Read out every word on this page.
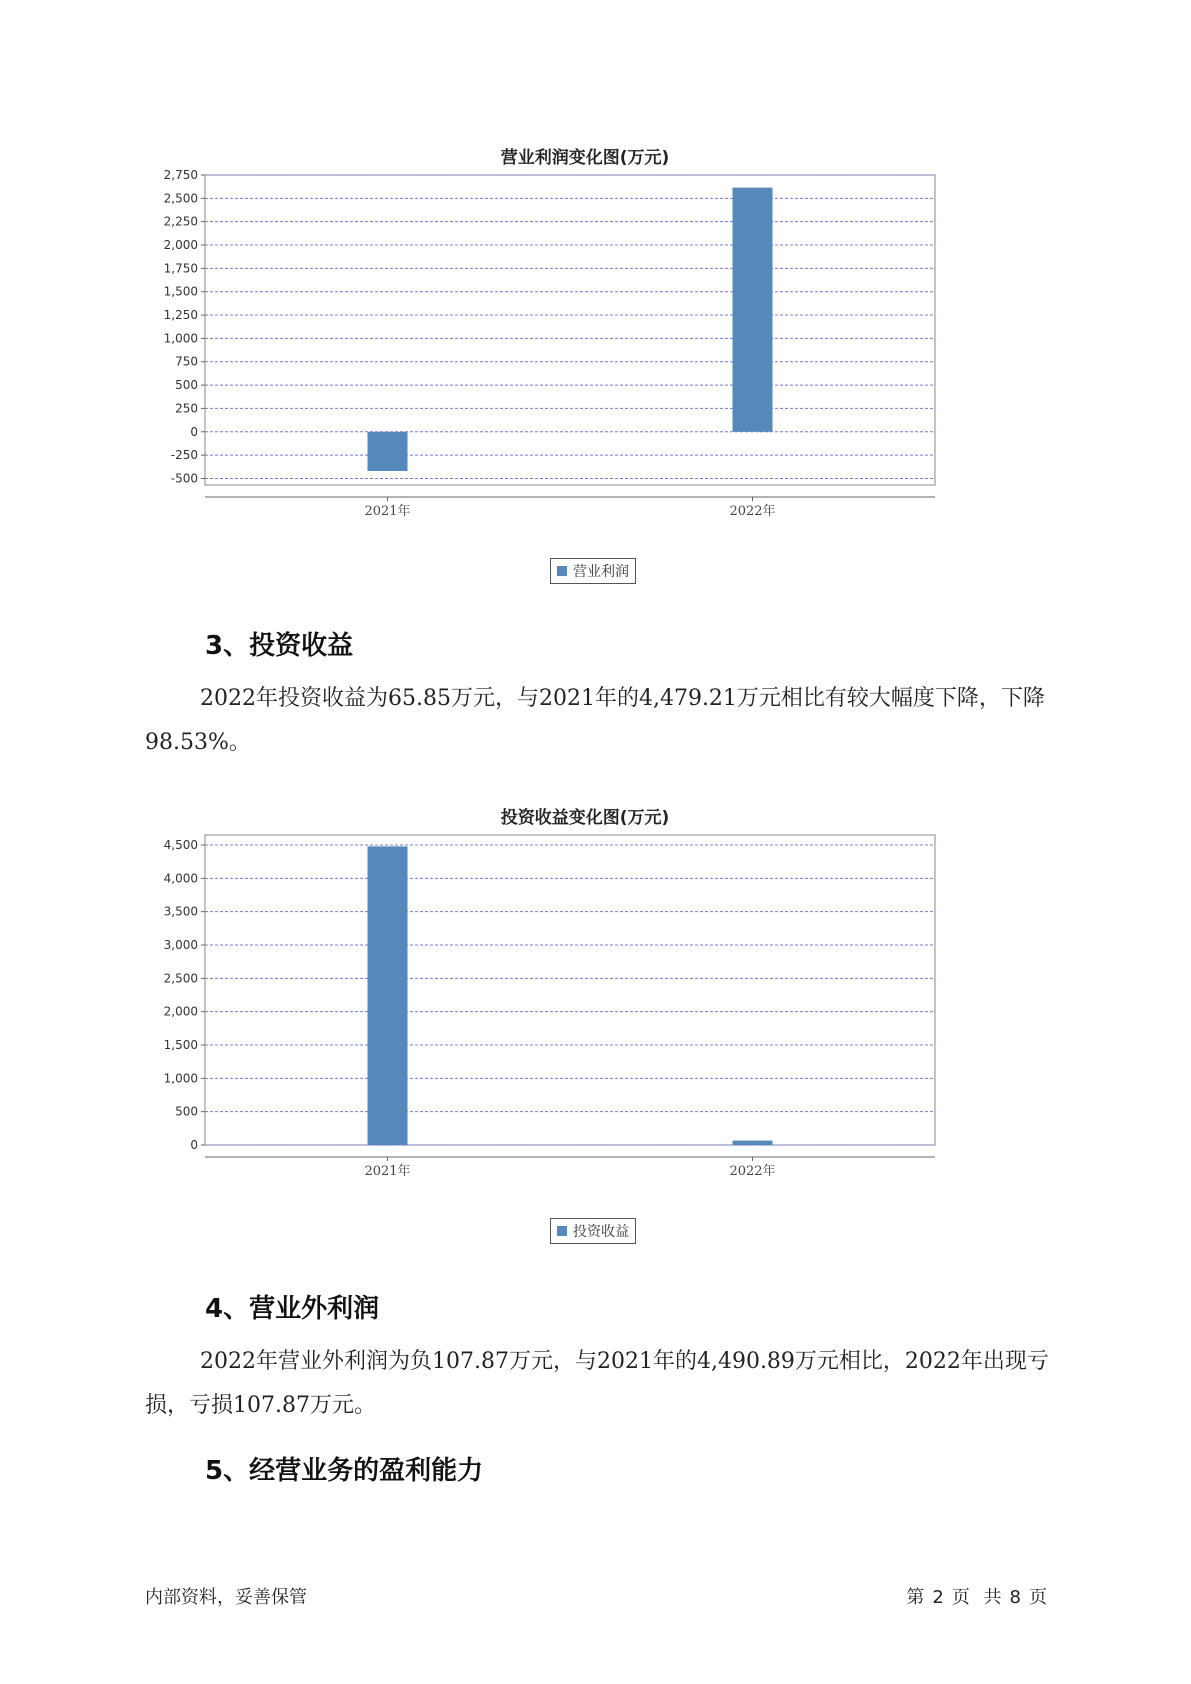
营业利润变化图(万元)
-500
-250
0
250
500
750
1,000
1,250
1,500
1,750
2,000
2,250
2,500
2,750
2021年	2022年
营业利润
3、投资收益

2022年投资收益为65.85万元，与2021年的4,479.21万元相比有较大幅度下降，下降98.53%。

投资收益变化图(万元)
0
500
1,000
1,500
2,000
2,500
3,000
3,500
4,000
4,500
2021年	2022年
投资收益
4、营业外利润

2022年营业外利润为负107.87万元，与2021年的4,490.89万元相比，2022年出现亏损，亏损107.87万元。

5、经营业务的盈利能力
内部资料，妥善保管	第 2 页 共 8 页
